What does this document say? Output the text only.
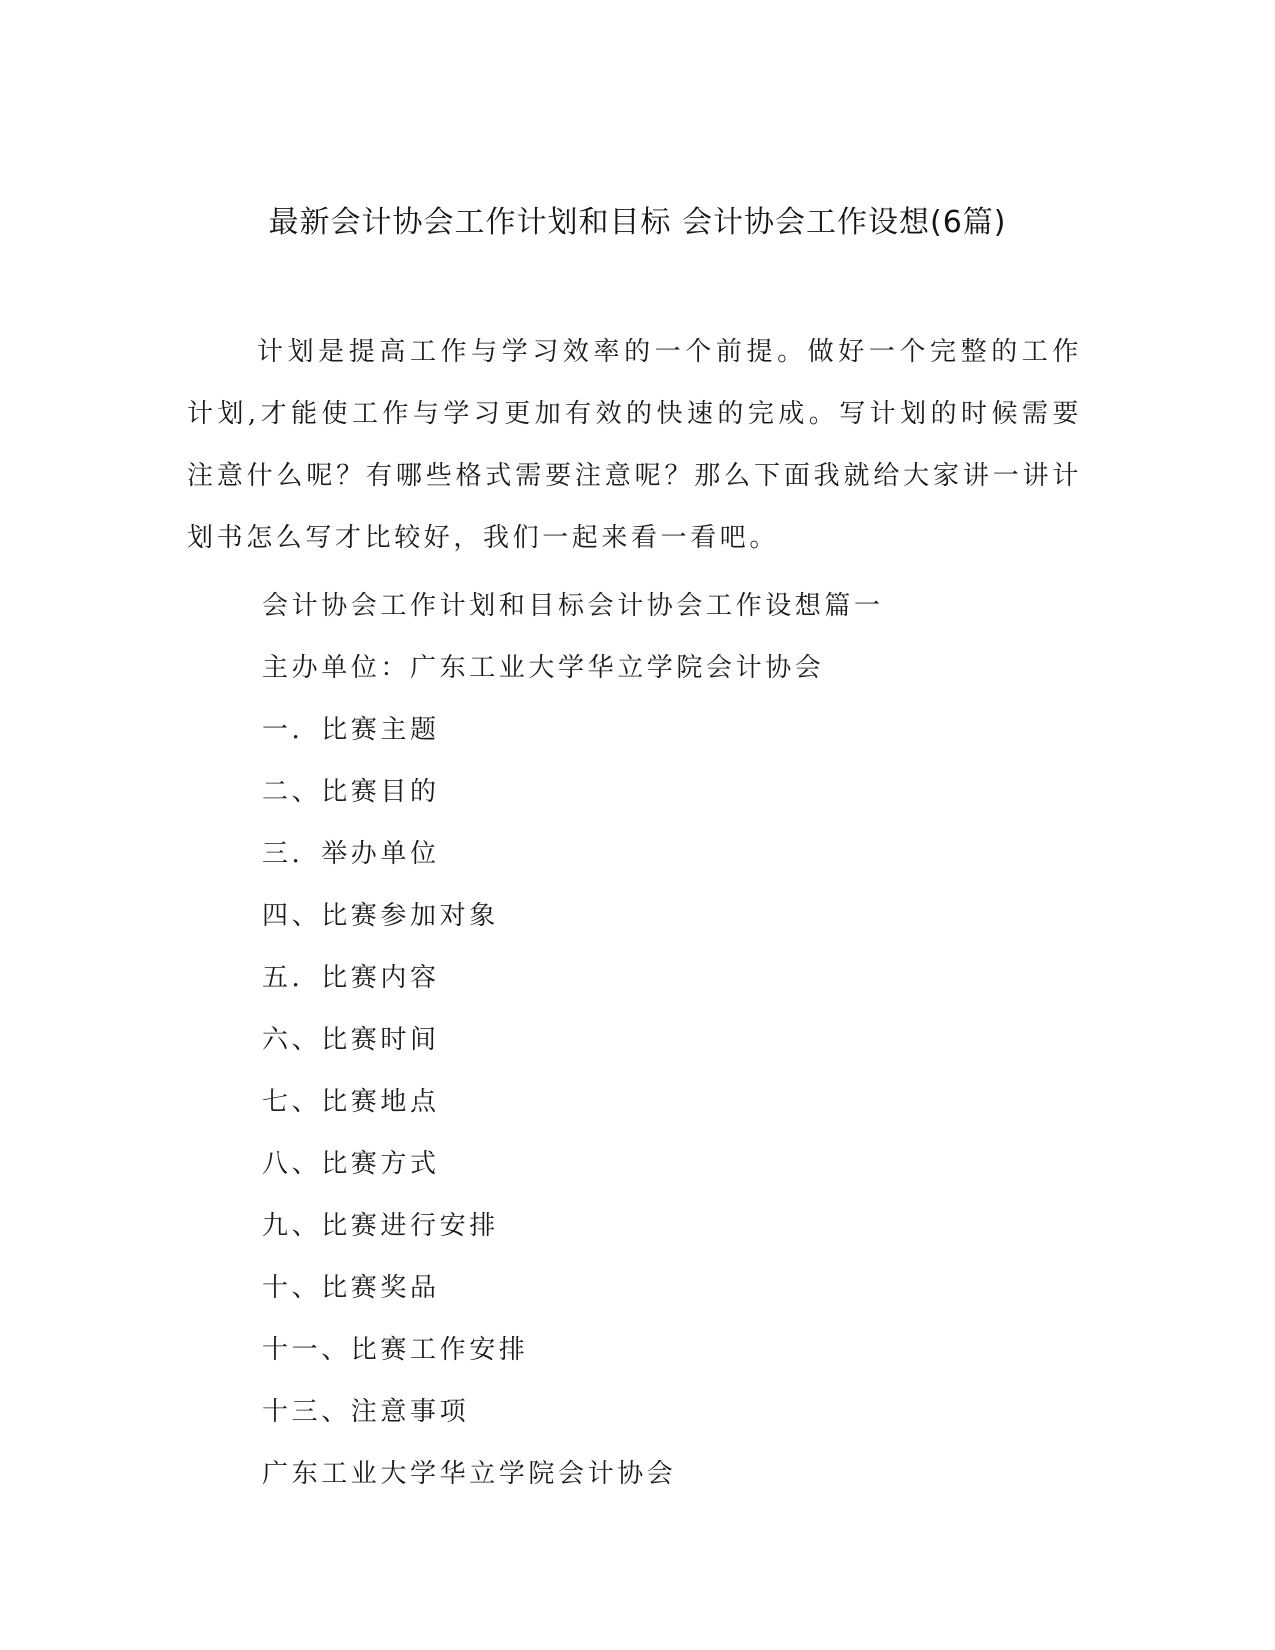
最新会计协会工作计划和目标 会计协会工作设想(6篇)

计划是提高工作与学习效率的一个前提。做好一个完整的工作计划,才能使工作与学习更加有效的快速的完成。写计划的时候需要注意什么呢？有哪些格式需要注意呢？那么下面我就给大家讲一讲计划书怎么写才比较好，我们一起来看一看吧。

会计协会工作计划和目标会计协会工作设想篇一
主办单位：广东工业大学华立学院会计协会
一．比赛主题
二、比赛目的
三．举办单位
四、比赛参加对象
五．比赛内容
六、比赛时间
七、比赛地点
八、比赛方式
九、比赛进行安排
十、比赛奖品
十一、比赛工作安排
十三、注意事项
广东工业大学华立学院会计协会
